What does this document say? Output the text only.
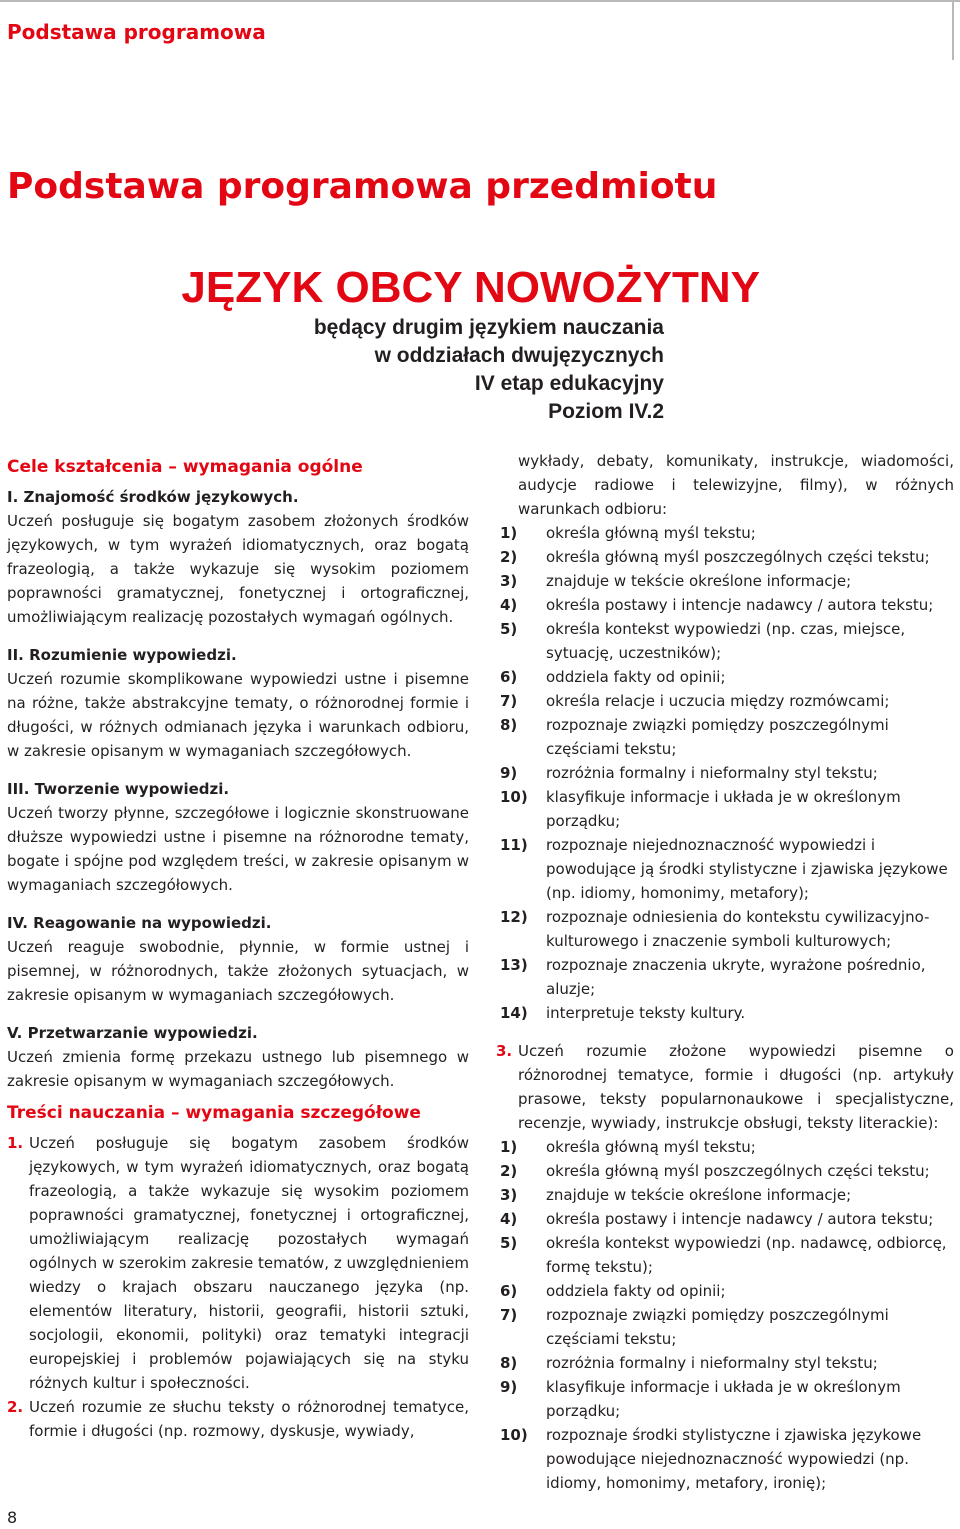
Podstawa programowa
Podstawa programowa przedmiotu
JĘZYK OBCY NOWOŻYTNY
będący drugim językiem nauczania
w oddziałach dwujęzycznych
IV etap edukacyjny
Poziom IV.2
Cele kształcenia – wymagania ogólne
I. Znajomość środków językowych.

Uczeń posługuje się bogatym zasobem złożonych środków językowych, w tym wyrażeń idiomatycznych, oraz bogatą frazeologią, a także wykazuje się wysokim poziomem poprawności gramatycznej, fonetycznej i ortograficznej, umożliwiającym realizację pozostałych wymagań ogólnych.

II. Rozumienie wypowiedzi.

Uczeń rozumie skomplikowane wypowiedzi ustne i pisemne na różne, także abstrakcyjne tematy, o różnorodnej formie i długości, w różnych odmianach języka i warunkach odbioru, w zakresie opisanym w wymaganiach szczegółowych.

III. Tworzenie wypowiedzi.

Uczeń tworzy płynne, szczegółowe i logicznie skonstruowane dłuższe wypowiedzi ustne i pisemne na różnorodne tematy, bogate i spójne pod względem treści, w zakresie opisanym w wymaganiach szczegółowych.

IV. Reagowanie na wypowiedzi.

Uczeń reaguje swobodnie, płynnie, w formie ustnej i pisemnej, w różnorodnych, także złożonych sytuacjach, w zakresie opisanym w wymaganiach szczegółowych.

V. Przetwarzanie wypowiedzi.

Uczeń zmienia formę przekazu ustnego lub pisemnego w zakresie opisanym w wymaganiach szczegółowych.

Treści nauczania – wymagania szczegółowe
1. Uczeń posługuje się bogatym zasobem środków językowych, w tym wyrażeń idiomatycznych, oraz bogatą frazeologią, a także wykazuje się wysokim poziomem poprawności gramatycznej, fonetycznej i ortograficznej, umożliwiającym realizację pozostałych wymagań ogólnych w szerokim zakresie tematów, z uwzględnieniem wiedzy o krajach obszaru nauczanego języka (np. elementów literatury, historii, geografii, historii sztuki, socjologii, ekonomii, polityki) oraz tematyki integracji europejskiej i problemów pojawiających się na styku różnych kultur i społeczności.
2. Uczeń rozumie ze słuchu teksty o różnorodnej tematyce, formie i długości (np. rozmowy, dyskusje, wywiady,

wykłady, debaty, komunikaty, instrukcje, wiadomości, audycje radiowe i telewizyjne, filmy), w różnych warunkach odbioru:

1)	określa główną myśl tekstu;
2)	określa główną myśl poszczególnych części tekstu;
3)	znajduje w tekście określone informacje;
4)	określa postawy i intencje nadawcy / autora tekstu;
5)	określa kontekst wypowiedzi (np. czas, miejsce, sytuację, uczestników);
6)	oddziela fakty od opinii;
7)	określa relacje i uczucia między rozmówcami;
8)	rozpoznaje związki pomiędzy poszczególnymi częściami tekstu;
9)	rozróżnia formalny i nieformalny styl tekstu;
10)	klasyfikuje informacje i układa je w określonym porządku;
11)	rozpoznaje niejednoznaczność wypowiedzi i powodujące ją środki stylistyczne i zjawiska językowe (np. idiomy, homonimy, metafory);
12)	rozpoznaje odniesienia do kontekstu cywilizacyjno-kulturowego i znaczenie symboli kulturowych;
13)	rozpoznaje znaczenia ukryte, wyrażone pośrednio, aluzje;
14)	interpretuje teksty kultury.
3. Uczeń rozumie złożone wypowiedzi pisemne o różnorodnej tematyce, formie i długości (np. artykuły prasowe, teksty popularnonaukowe i specjalistyczne, recenzje, wywiady, instrukcje obsługi, teksty literackie):
1)	określa główną myśl tekstu;
2)	określa główną myśl poszczególnych części tekstu;
3)	znajduje w tekście określone informacje;
4)	określa postawy i intencje nadawcy / autora tekstu;
5)	określa kontekst wypowiedzi (np. nadawcę, odbiorcę, formę tekstu);
6)	oddziela fakty od opinii;
7)	rozpoznaje związki pomiędzy poszczególnymi częściami tekstu;
8)	rozróżnia formalny i nieformalny styl tekstu;
9)	klasyfikuje informacje i układa je w określonym porządku;
10)	rozpoznaje środki stylistyczne i zjawiska językowe powodujące niejednoznaczność wypowiedzi (np. idiomy, homonimy, metafory, ironię);
8
